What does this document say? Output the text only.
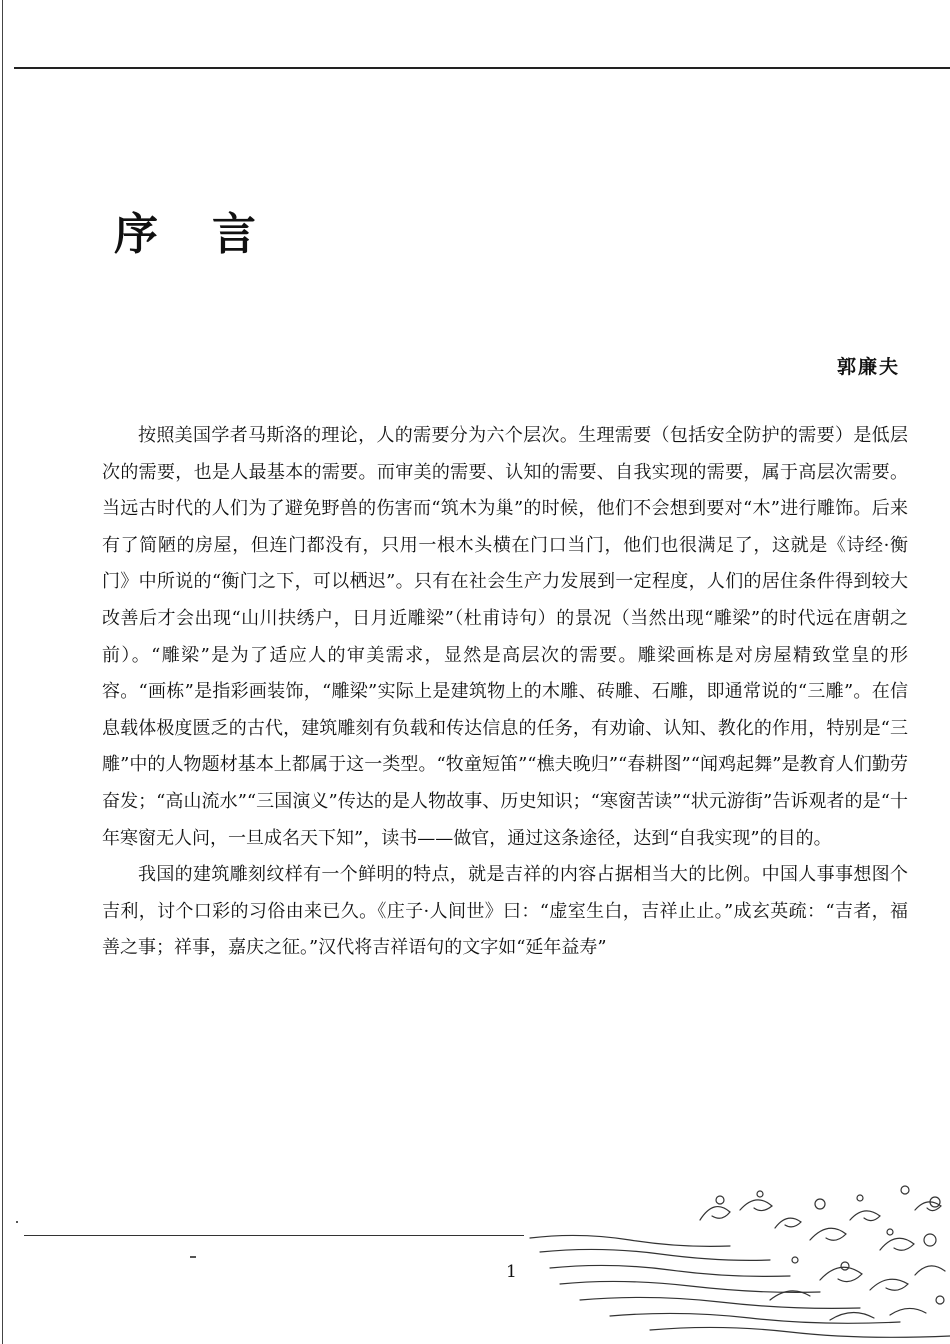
序言
郭廉夫

按照美国学者马斯洛的理论，人的需要分为六个层次。生理需要（包括安全防护的需要）是低层次的需要，也是人最基本的需要。而审美的需要、认知的需要、自我实现的需要，属于高层次需要。当远古时代的人们为了避免野兽的伤害而“筑木为巢”的时候，他们不会想到要对“木”进行雕饰。后来有了简陋的房屋，但连门都没有，只用一根木头横在门口当门，他们也很满足了，这就是《诗经·衡门》中所说的“衡门之下，可以栖迟”。只有在社会生产力发展到一定程度，人们的居住条件得到较大改善后才会出现“山川扶绣户，日月近雕梁”（杜甫诗句）的景况（当然出现“雕梁”的时代远在唐朝之前）。“雕梁”是为了适应人的审美需求，显然是高层次的需要。雕梁画栋是对房屋精致堂皇的形容。“画栋”是指彩画装饰，“雕梁”实际上是建筑物上的木雕、砖雕、石雕，即通常说的“三雕”。在信息载体极度匮乏的古代，建筑雕刻有负载和传达信息的任务，有劝谕、认知、教化的作用，特别是“三雕”中的人物题材基本上都属于这一类型。“牧童短笛”“樵夫晚归”“春耕图”“闻鸡起舞”是教育人们勤劳奋发；“高山流水”“三国演义”传达的是人物故事、历史知识；“寒窗苦读”“状元游街”告诉观者的是“十年寒窗无人问，一旦成名天下知”，读书——做官，通过这条途径，达到“自我实现”的目的。

我国的建筑雕刻纹样有一个鲜明的特点，就是吉祥的内容占据相当大的比例。中国人事事想图个吉利，讨个口彩的习俗由来已久。《庄子·人间世》曰：“虚室生白，吉祥止止。”成玄英疏：“吉者，福善之事；祥事，嘉庆之征。”汉代将吉祥语句的文字如“延年益寿”

1
